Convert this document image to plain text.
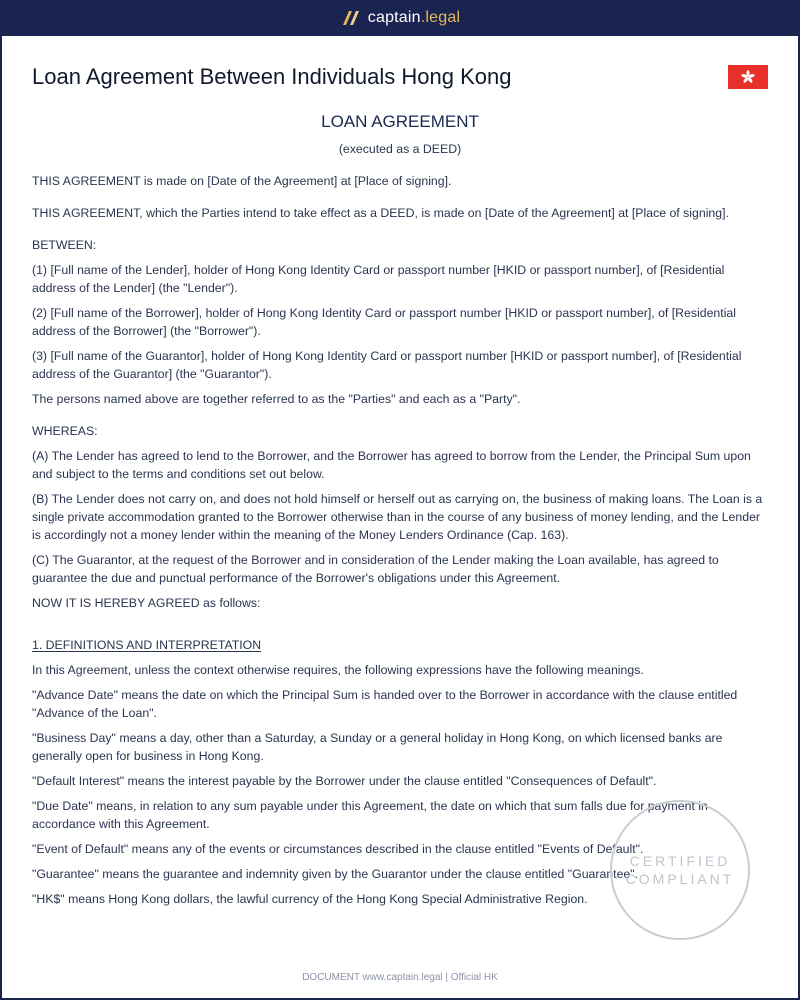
captain.legal
Loan Agreement Between Individuals Hong Kong
LOAN AGREEMENT
(executed as a DEED)

THIS AGREEMENT is made on [Date of the Agreement] at [Place of signing].

THIS AGREEMENT, which the Parties intend to take effect as a DEED, is made on [Date of the Agreement] at [Place of signing].

BETWEEN:

(1) [Full name of the Lender], holder of Hong Kong Identity Card or passport number [HKID or passport number], of [Residential address of the Lender] (the "Lender").

(2) [Full name of the Borrower], holder of Hong Kong Identity Card or passport number [HKID or passport number], of [Residential address of the Borrower] (the "Borrower").

(3) [Full name of the Guarantor], holder of Hong Kong Identity Card or passport number [HKID or passport number], of [Residential address of the Guarantor] (the "Guarantor").

The persons named above are together referred to as the "Parties" and each as a "Party".

WHEREAS:

(A) The Lender has agreed to lend to the Borrower, and the Borrower has agreed to borrow from the Lender, the Principal Sum upon and subject to the terms and conditions set out below.

(B) The Lender does not carry on, and does not hold himself or herself out as carrying on, the business of making loans. The Loan is a single private accommodation granted to the Borrower otherwise than in the course of any business of money lending, and the Lender is accordingly not a money lender within the meaning of the Money Lenders Ordinance (Cap. 163).

(C) The Guarantor, at the request of the Borrower and in consideration of the Lender making the Loan available, has agreed to guarantee the due and punctual performance of the Borrower's obligations under this Agreement.

NOW IT IS HEREBY AGREED as follows:

1. DEFINITIONS AND INTERPRETATION

In this Agreement, unless the context otherwise requires, the following expressions have the following meanings.

"Advance Date" means the date on which the Principal Sum is handed over to the Borrower in accordance with the clause entitled "Advance of the Loan".

"Business Day" means a day, other than a Saturday, a Sunday or a general holiday in Hong Kong, on which licensed banks are generally open for business in Hong Kong.

"Default Interest" means the interest payable by the Borrower under the clause entitled "Consequences of Default".

"Due Date" means, in relation to any sum payable under this Agreement, the date on which that sum falls due for payment in accordance with this Agreement.

"Event of Default" means any of the events or circumstances described in the clause entitled "Events of Default".

"Guarantee" means the guarantee and indemnity given by the Guarantor under the clause entitled "Guarantee".

"HK$" means Hong Kong dollars, the lawful currency of the Hong Kong Special Administrative Region.

CERTIFIED
COMPLIANT
DOCUMENT www.captain.legal | Official HK
